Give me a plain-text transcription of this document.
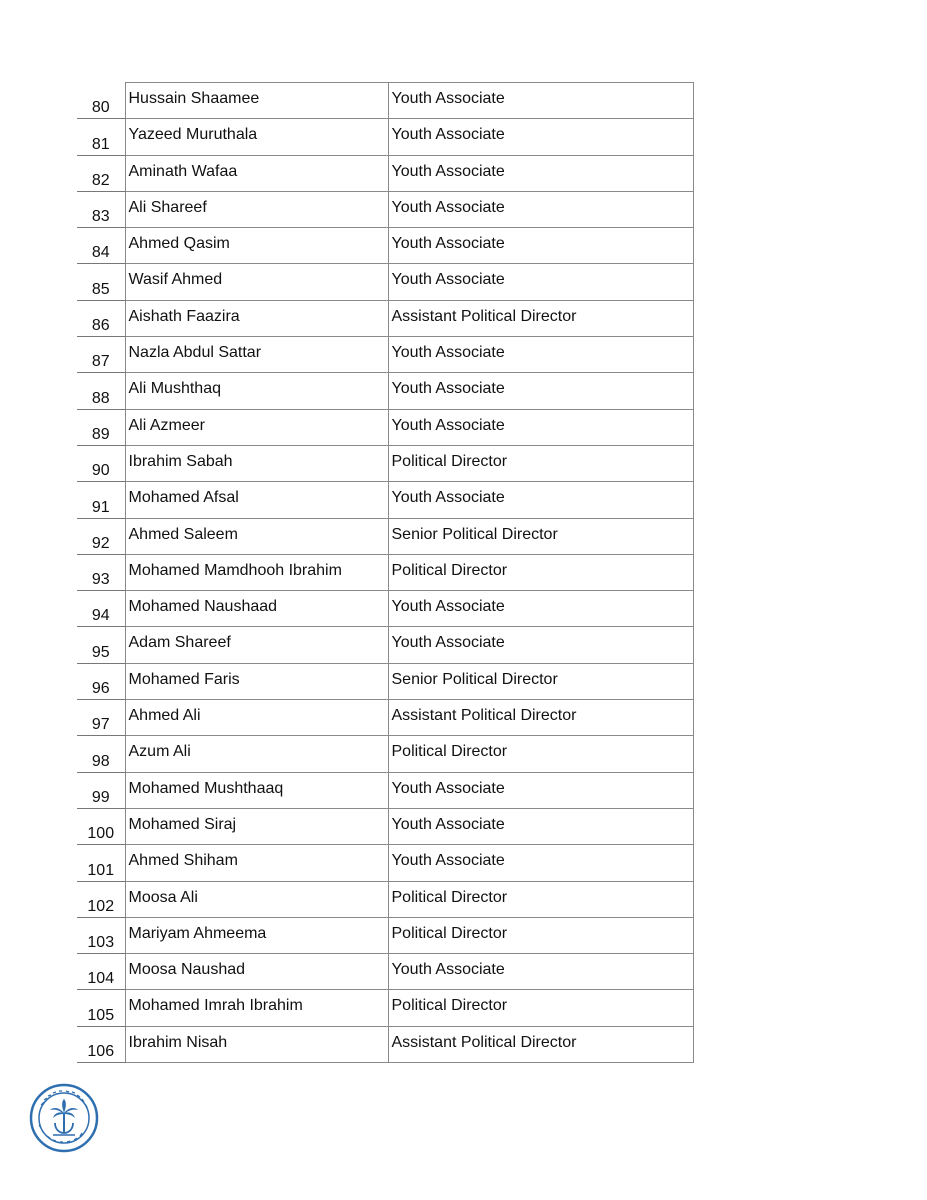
80	Hussain Shaamee	Youth Associate
81	Yazeed Muruthala	Youth Associate
82	Aminath Wafaa	Youth Associate
83	Ali Shareef	Youth Associate
84	Ahmed Qasim	Youth Associate
85	Wasif Ahmed	Youth Associate
86	Aishath Faazira	Assistant Political Director
87	Nazla Abdul Sattar	Youth Associate
88	Ali Mushthaq	Youth Associate
89	Ali Azmeer	Youth Associate
90	Ibrahim Sabah	Political Director
91	Mohamed Afsal	Youth Associate
92	Ahmed Saleem	Senior Political Director
93	Mohamed Mamdhooh Ibrahim	Political Director
94	Mohamed Naushaad	Youth Associate
95	Adam Shareef	Youth Associate
96	Mohamed Faris	Senior Political Director
97	Ahmed Ali	Assistant Political Director
98	Azum Ali	Political Director
99	Mohamed Mushthaaq	Youth Associate
100	Mohamed Siraj	Youth Associate
101	Ahmed Shiham	Youth Associate
102	Moosa Ali	Political Director
103	Mariyam Ahmeema	Political Director
104	Moosa Naushad	Youth Associate
105	Mohamed Imrah Ibrahim	Political Director
106	Ibrahim Nisah	Assistant Political Director
